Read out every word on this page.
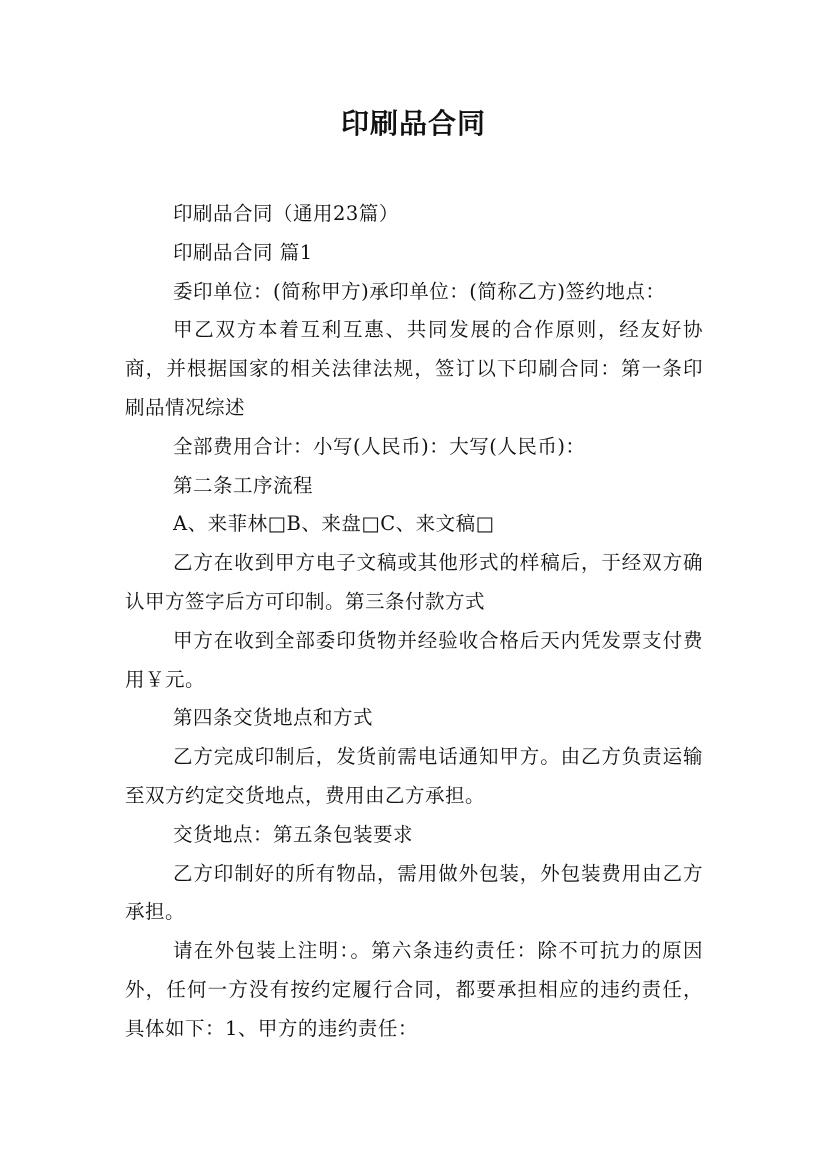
印刷品合同

印刷品合同（通用23篇）

印刷品合同 篇1

委印单位：(简称甲方)承印单位：(简称乙方)签约地点：

甲乙双方本着互利互惠、共同发展的合作原则，经友好协商，并根据国家的相关法律法规，签订以下印刷合同：第一条印刷品情况综述

全部费用合计：小写(人民币)：大写(人民币)：

第二条工序流程

A、来菲林□B、来盘□C、来文稿□

乙方在收到甲方电子文稿或其他形式的样稿后，于经双方确认甲方签字后方可印制。第三条付款方式

甲方在收到全部委印货物并经验收合格后天内凭发票支付费用￥元。

第四条交货地点和方式

乙方完成印制后，发货前需电话通知甲方。由乙方负责运输至双方约定交货地点，费用由乙方承担。

交货地点：第五条包装要求

乙方印制好的所有物品，需用做外包装，外包装费用由乙方承担。

请在外包装上注明：。第六条违约责任：除不可抗力的原因外，任何一方没有按约定履行合同，都要承担相应的违约责任，具体如下：1、甲方的违约责任：
